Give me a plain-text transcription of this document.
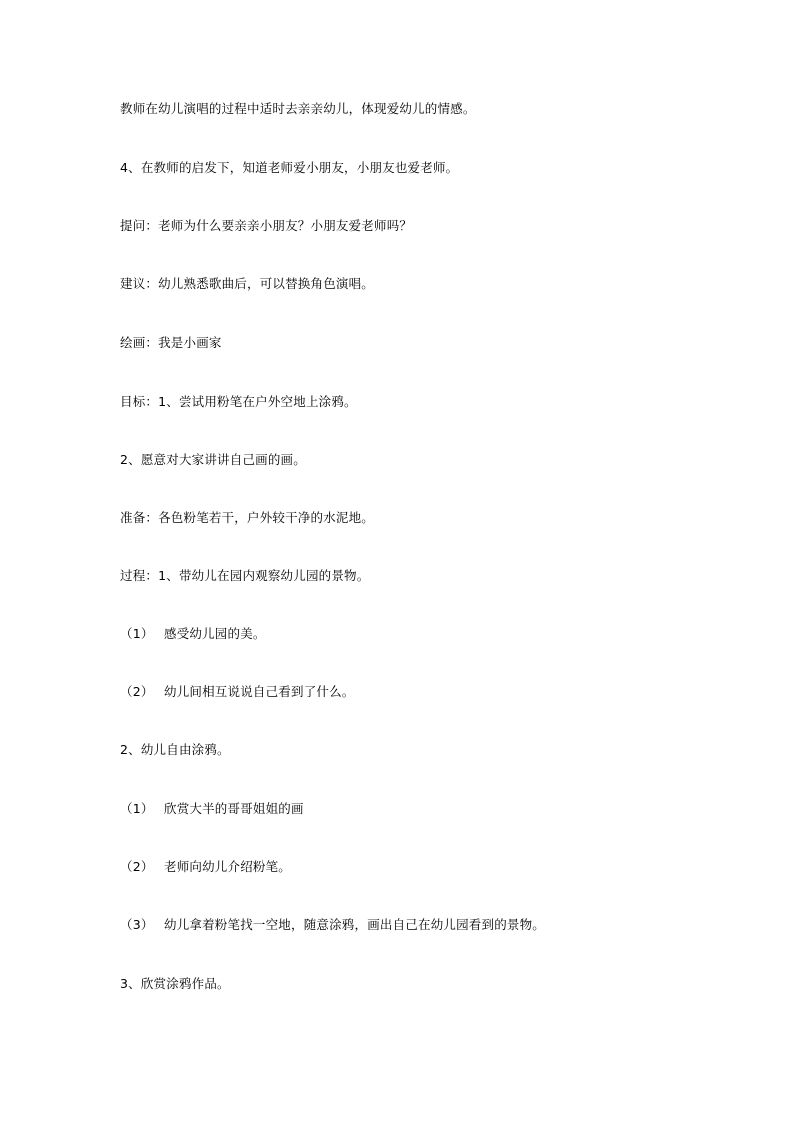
教师在幼儿演唱的过程中适时去亲亲幼儿，体现爱幼儿的情感。
4、在教师的启发下，知道老师爱小朋友，小朋友也爱老师。
提问：老师为什么要亲亲小朋友？小朋友爱老师吗？
建议：幼儿熟悉歌曲后，可以替换角色演唱。
绘画：我是小画家
目标：1、尝试用粉笔在户外空地上涂鸦。
2、愿意对大家讲讲自己画的画。
准备：各色粉笔若干，户外较干净的水泥地。
过程：1、带幼儿在园内观察幼儿园的景物。
（1） 感受幼儿园的美。
（2） 幼儿间相互说说自己看到了什么。
2、幼儿自由涂鸦。
（1） 欣赏大半的哥哥姐姐的画
（2） 老师向幼儿介绍粉笔。
（3） 幼儿拿着粉笔找一空地，随意涂鸦，画出自己在幼儿园看到的景物。
3、欣赏涂鸦作品。
